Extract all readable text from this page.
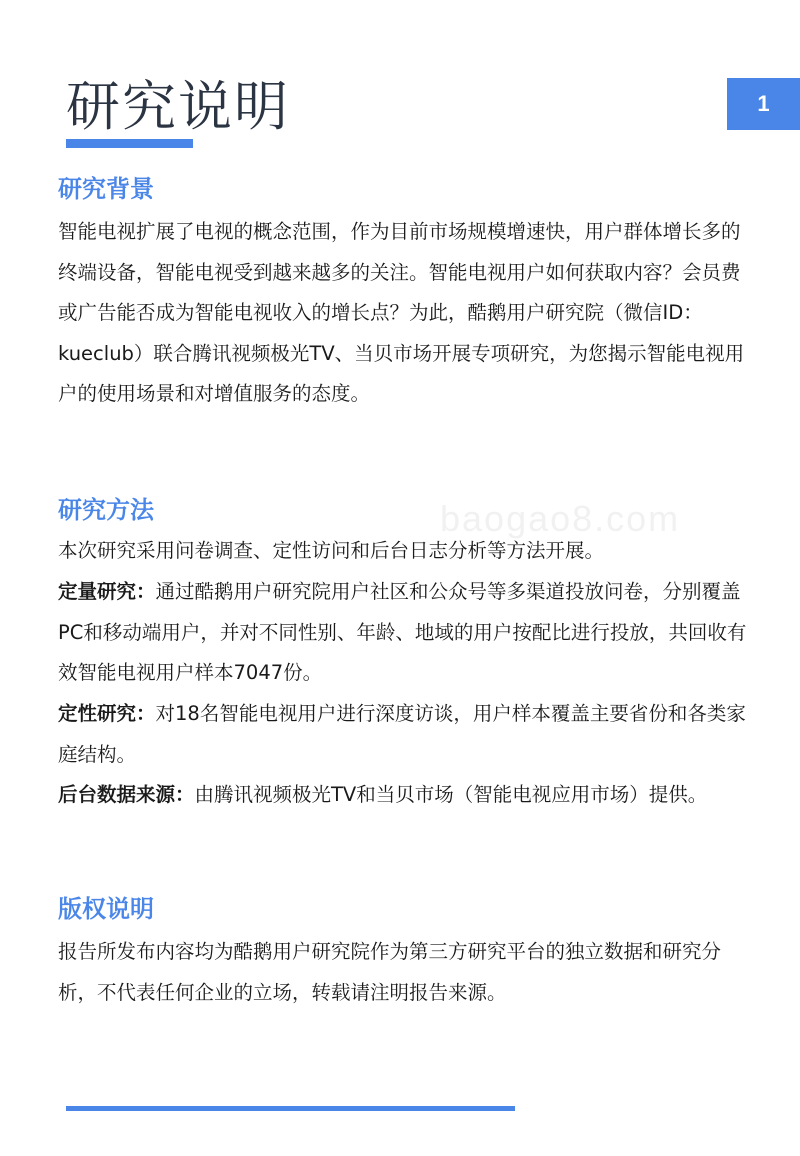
研究说明	1
baogao8.com
研究背景

智能电视扩展了电视的概念范围，作为目前市场规模增速快，用户群体增长多的终端设备，智能电视受到越来越多的关注。智能电视用户如何获取内容？会员费或广告能否成为智能电视收入的增长点？为此，酷鹅用户研究院（微信ID：kueclub）联合腾讯视频极光TV、当贝市场开展专项研究，为您揭示智能电视用户的使用场景和对增值服务的态度。

研究方法

本次研究采用问卷调查、定性访问和后台日志分析等方法开展。

定量研究：通过酷鹅用户研究院用户社区和公众号等多渠道投放问卷，分别覆盖PC和移动端用户，并对不同性别、年龄、地域的用户按配比进行投放，共回收有效智能电视用户样本7047份。

定性研究：对18名智能电视用户进行深度访谈，用户样本覆盖主要省份和各类家庭结构。

后台数据来源：由腾讯视频极光TV和当贝市场（智能电视应用市场）提供。

版权说明

报告所发布内容均为酷鹅用户研究院作为第三方研究平台的独立数据和研究分析，不代表任何企业的立场，转载请注明报告来源。
